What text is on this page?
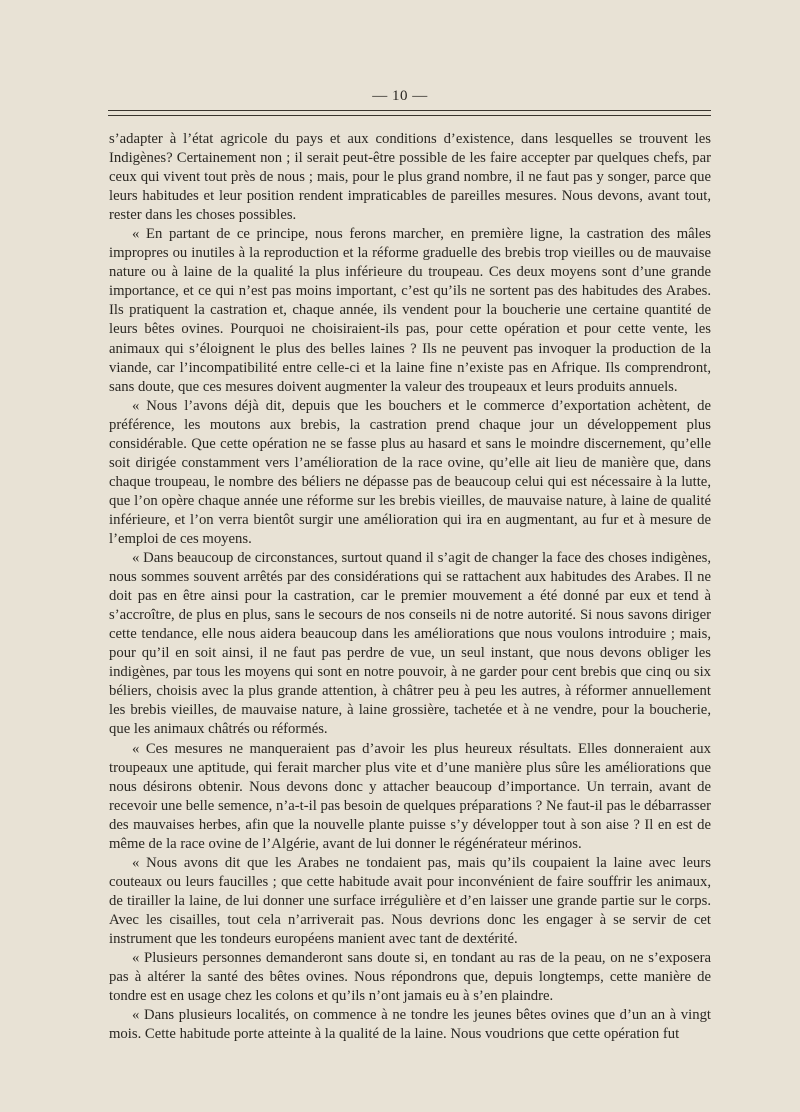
— 10 —

s’adapter à l’état agricole du pays et aux conditions d’existence, dans lesquelles se trouvent les Indigènes? Certainement non ; il serait peut-être possible de les faire accepter par quelques chefs, par ceux qui vivent tout près de nous ; mais, pour le plus grand nombre, il ne faut pas y songer, parce que leurs habitudes et leur position rendent impraticables de pareilles mesures. Nous devons, avant tout, rester dans les choses possibles.

« En partant de ce principe, nous ferons marcher, en première ligne, la castration des mâles impropres ou inutiles à la reproduction et la réforme graduelle des brebis trop vieilles ou de mauvaise nature ou à laine de la qualité la plus inférieure du troupeau. Ces deux moyens sont d’une grande importance, et ce qui n’est pas moins important, c’est qu’ils ne sortent pas des habitudes des Arabes. Ils pratiquent la castration et, chaque année, ils vendent pour la boucherie une certaine quantité de leurs bêtes ovines. Pourquoi ne choisiraient-ils pas, pour cette opération et pour cette vente, les animaux qui s’éloignent le plus des belles laines ? Ils ne peuvent pas invoquer la production de la viande, car l’incompatibilité entre celle-ci et la laine fine n’existe pas en Afrique. Ils comprendront, sans doute, que ces mesures doivent augmenter la valeur des troupeaux et leurs produits annuels.

« Nous l’avons déjà dit, depuis que les bouchers et le commerce d’exportation achètent, de préférence, les moutons aux brebis, la castration prend chaque jour un développement plus considérable. Que cette opération ne se fasse plus au hasard et sans le moindre discernement, qu’elle soit dirigée constamment vers l’amélioration de la race ovine, qu’elle ait lieu de manière que, dans chaque troupeau, le nombre des béliers ne dépasse pas de beaucoup celui qui est nécessaire à la lutte, que l’on opère chaque année une réforme sur les brebis vieilles, de mauvaise nature, à laine de qualité inférieure, et l’on verra bientôt surgir une amélioration qui ira en augmentant, au fur et à mesure de l’emploi de ces moyens.

« Dans beaucoup de circonstances, surtout quand il s’agit de changer la face des choses indigènes, nous sommes souvent arrêtés par des considérations qui se rattachent aux habitudes des Arabes. Il ne doit pas en être ainsi pour la castration, car le premier mouvement a été donné par eux et tend à s’accroître, de plus en plus, sans le secours de nos conseils ni de notre autorité. Si nous savons diriger cette tendance, elle nous aidera beaucoup dans les améliorations que nous voulons introduire ; mais, pour qu’il en soit ainsi, il ne faut pas perdre de vue, un seul instant, que nous devons obliger les indigènes, par tous les moyens qui sont en notre pouvoir, à ne garder pour cent brebis que cinq ou six béliers, choisis avec la plus grande attention, à châtrer peu à peu les autres, à réformer annuellement les brebis vieilles, de mauvaise nature, à laine grossière, tachetée et à ne vendre, pour la boucherie, que les animaux châtrés ou réformés.

« Ces mesures ne manqueraient pas d’avoir les plus heureux résultats. Elles donneraient aux troupeaux une aptitude, qui ferait marcher plus vite et d’une manière plus sûre les améliorations que nous désirons obtenir. Nous devons donc y attacher beaucoup d’importance. Un terrain, avant de recevoir une belle semence, n’a-t-il pas besoin de quelques préparations ? Ne faut-il pas le débarrasser des mauvaises herbes, afin que la nouvelle plante puisse s’y développer tout à son aise ? Il en est de même de la race ovine de l’Algérie, avant de lui donner le régénérateur mérinos.

« Nous avons dit que les Arabes ne tondaient pas, mais qu’ils coupaient la laine avec leurs couteaux ou leurs faucilles ; que cette habitude avait pour inconvénient de faire souffrir les animaux, de tirailler la laine, de lui donner une surface irrégulière et d’en laisser une grande partie sur le corps. Avec les cisailles, tout cela n’arriverait pas. Nous devrions donc les engager à se servir de cet instrument que les tondeurs européens manient avec tant de dextérité.

« Plusieurs personnes demanderont sans doute si, en tondant au ras de la peau, on ne s’exposera pas à altérer la santé des bêtes ovines. Nous répondrons que, depuis longtemps, cette manière de tondre est en usage chez les colons et qu’ils n’ont jamais eu à s’en plaindre.

« Dans plusieurs localités, on commence à ne tondre les jeunes bêtes ovines que d’un an à vingt mois. Cette habitude porte atteinte à la qualité de la laine. Nous voudrions que cette opération fut
